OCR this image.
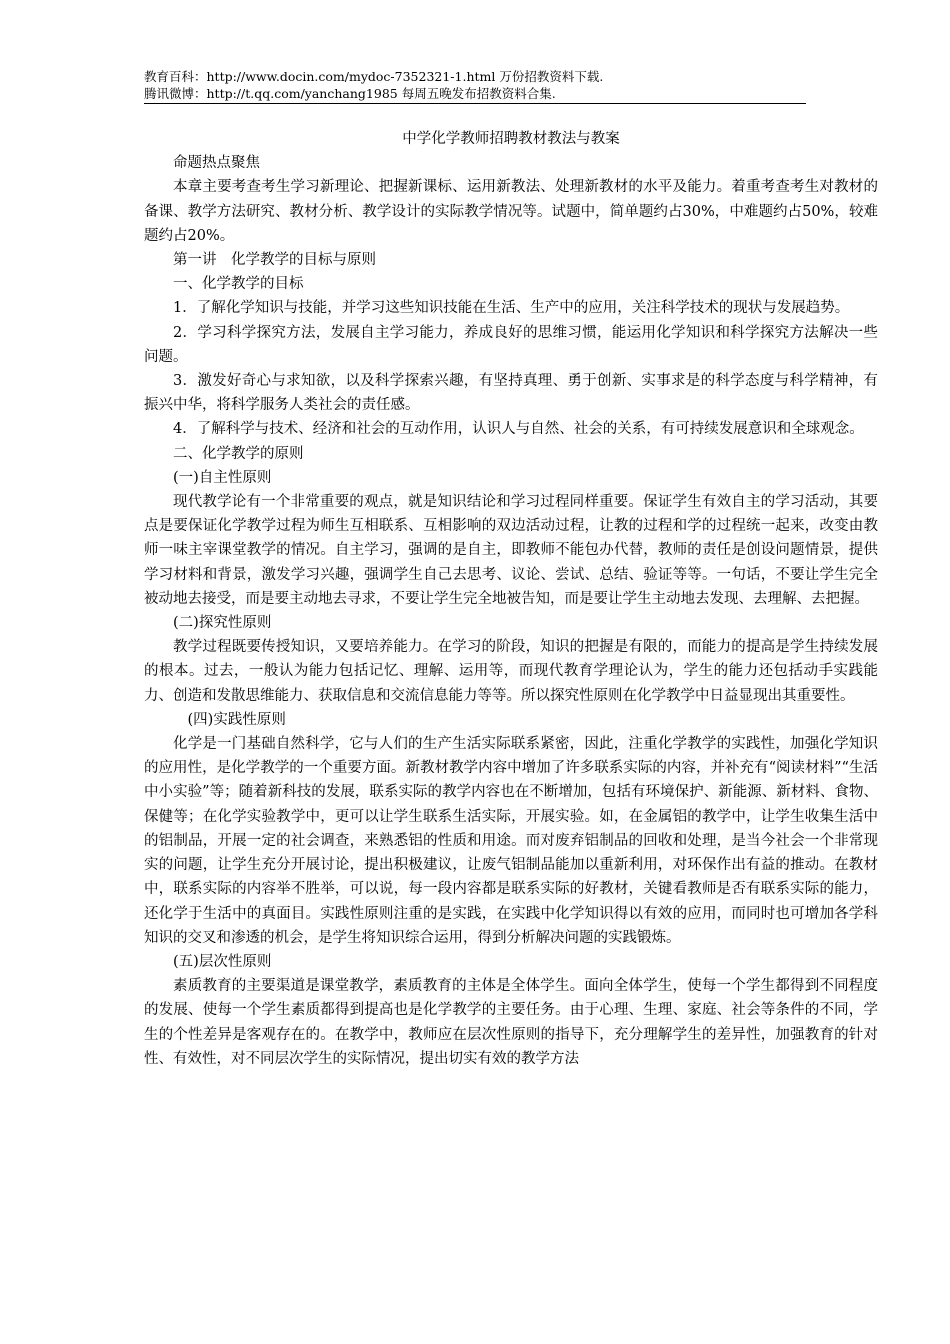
教育百科：http://www.docin.com/mydoc-7352321-1.html 万份招教资料下载.
腾讯微博：http://t.qq.com/yanchang1985 每周五晚发布招教资料合集.

中学化学教师招聘教材教法与教案

命题热点聚焦

本章主要考查考生学习新理论、把握新课标、运用新教法、处理新教材的水平及能力。着重考查考生对教材的备课、教学方法研究、教材分析、教学设计的实际教学情况等。试题中，简单题约占30%，中难题约占50%，较难题约占20%。

第一讲　化学教学的目标与原则

一、化学教学的目标

1．了解化学知识与技能，并学习这些知识技能在生活、生产中的应用，关注科学技术的现状与发展趋势。

2．学习科学探究方法，发展自主学习能力，养成良好的思维习惯，能运用化学知识和科学探究方法解决一些问题。

3．激发好奇心与求知欲，以及科学探索兴趣，有坚持真理、勇于创新、实事求是的科学态度与科学精神，有振兴中华，将科学服务人类社会的责任感。

4．了解科学与技术、经济和社会的互动作用，认识人与自然、社会的关系，有可持续发展意识和全球观念。

二、化学教学的原则

(一)自主性原则

现代教学论有一个非常重要的观点，就是知识结论和学习过程同样重要。保证学生有效自主的学习活动，其要点是要保证化学教学过程为师生互相联系、互相影响的双边活动过程，让教的过程和学的过程统一起来，改变由教师一味主宰课堂教学的情况。自主学习，强调的是自主，即教师不能包办代替，教师的责任是创设问题情景，提供学习材料和背景，激发学习兴趣，强调学生自己去思考、议论、尝试、总结、验证等等。一句话，不要让学生完全被动地去接受，而是要主动地去寻求，不要让学生完全地被告知，而是要让学生主动地去发现、去理解、去把握。

(二)探究性原则

教学过程既要传授知识，又要培养能力。在学习的阶段，知识的把握是有限的，而能力的提高是学生持续发展的根本。过去，一般认为能力包括记忆、理解、运用等，而现代教育学理论认为，学生的能力还包括动手实践能力、创造和发散思维能力、获取信息和交流信息能力等等。所以探究性原则在化学教学中日益显现出其重要性。

(四)实践性原则

化学是一门基础自然科学，它与人们的生产生活实际联系紧密，因此，注重化学教学的实践性，加强化学知识的应用性，是化学教学的一个重要方面。新教材教学内容中增加了许多联系实际的内容，并补充有“阅读材料”“生活中小实验”等；随着新科技的发展，联系实际的教学内容也在不断增加，包括有环境保护、新能源、新材料、食物、保健等；在化学实验教学中，更可以让学生联系生活实际，开展实验。如，在金属铝的教学中，让学生收集生活中的铝制品，开展一定的社会调查，来熟悉铝的性质和用途。而对废弃铝制品的回收和处理，是当今社会一个非常现实的问题，让学生充分开展讨论，提出积极建议，让废气铝制品能加以重新利用，对环保作出有益的推动。在教材中，联系实际的内容举不胜举，可以说，每一段内容都是联系实际的好教材，关键看教师是否有联系实际的能力，还化学于生活中的真面目。实践性原则注重的是实践，在实践中化学知识得以有效的应用，而同时也可增加各学科知识的交叉和渗透的机会，是学生将知识综合运用，得到分析解决问题的实践锻炼。

(五)层次性原则

素质教育的主要渠道是课堂教学，素质教育的主体是全体学生。面向全体学生，使每一个学生都得到不同程度的发展、使每一个学生素质都得到提高也是化学教学的主要任务。由于心理、生理、家庭、社会等条件的不同，学生的个性差异是客观存在的。在教学中，教师应在层次性原则的指导下，充分理解学生的差异性，加强教育的针对性、有效性，对不同层次学生的实际情况，提出切实有效的教学方法
